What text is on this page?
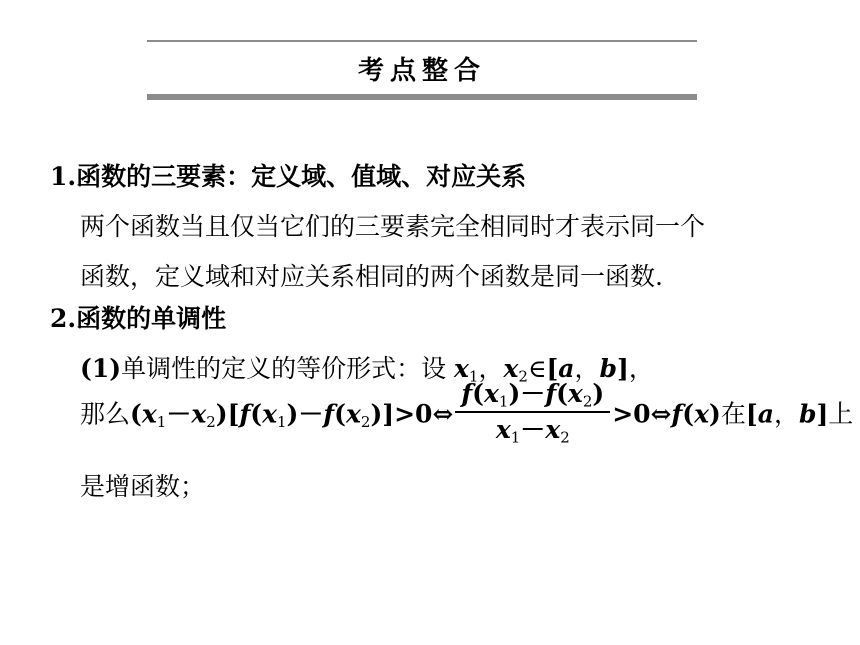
考点整合
1.函数的三要素：定义域、值域、对应关系
两个函数当且仅当它们的三要素完全相同时才表示同一个
函数，定义域和对应关系相同的两个函数是同一函数.
2.函数的单调性
(1)单调性的定义的等价形式：设 $x_1$，$x_2\in[a$，b]，
那么$(x_1-x_2)[f(x_1)-f(x_2)]>0\Leftrightarrow \frac{f(x_1)-f(x_2)}{x_1-x_2}$ >0⇔f(x)在[a，b]上
是增函数；
